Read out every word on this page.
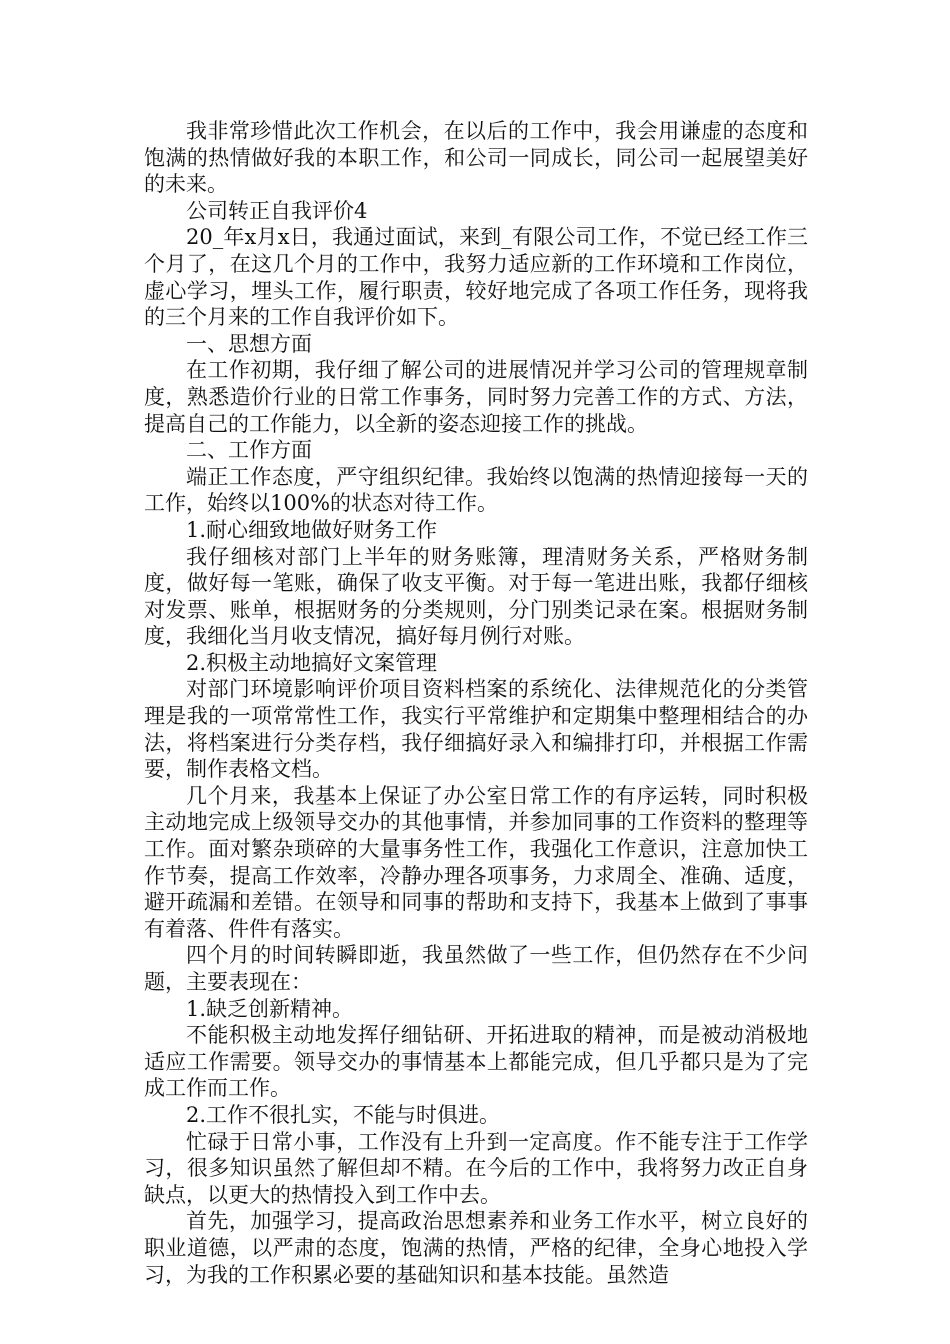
我非常珍惜此次工作机会，在以后的工作中，我会用谦虚的态度和饱满的热情做好我的本职工作，和公司一同成长，同公司一起展望美好的未来。

公司转正自我评价4

20_年x月x日，我通过面试，来到_有限公司工作，不觉已经工作三个月了，在这几个月的工作中，我努力适应新的工作环境和工作岗位，虚心学习，埋头工作，履行职责，较好地完成了各项工作任务，现将我的三个月来的工作自我评价如下。

一、思想方面

在工作初期，我仔细了解公司的进展情况并学习公司的管理规章制度，熟悉造价行业的日常工作事务，同时努力完善工作的方式、方法，提高自己的工作能力，以全新的姿态迎接工作的挑战。

二、工作方面

端正工作态度，严守组织纪律。我始终以饱满的热情迎接每一天的工作，始终以100%的状态对待工作。

1.耐心细致地做好财务工作

我仔细核对部门上半年的财务账簿，理清财务关系，严格财务制度，做好每一笔账，确保了收支平衡。对于每一笔进出账，我都仔细核对发票、账单，根据财务的分类规则，分门别类记录在案。根据财务制度，我细化当月收支情况，搞好每月例行对账。

2.积极主动地搞好文案管理

对部门环境影响评价项目资料档案的系统化、法律规范化的分类管理是我的一项常常性工作，我实行平常维护和定期集中整理相结合的办法，将档案进行分类存档，我仔细搞好录入和编排打印，并根据工作需要，制作表格文档。

几个月来，我基本上保证了办公室日常工作的有序运转，同时积极主动地完成上级领导交办的其他事情，并参加同事的工作资料的整理等工作。面对繁杂琐碎的大量事务性工作，我强化工作意识，注意加快工作节奏，提高工作效率，冷静办理各项事务，力求周全、准确、适度，避开疏漏和差错。在领导和同事的帮助和支持下，我基本上做到了事事有着落、件件有落实。

四个月的时间转瞬即逝，我虽然做了一些工作，但仍然存在不少问题，主要表现在：

1.缺乏创新精神。

不能积极主动地发挥仔细钻研、开拓进取的精神，而是被动消极地适应工作需要。领导交办的事情基本上都能完成，但几乎都只是为了完成工作而工作。

2.工作不很扎实，不能与时俱进。

忙碌于日常小事，工作没有上升到一定高度。作不能专注于工作学习，很多知识虽然了解但却不精。在今后的工作中，我将努力改正自身缺点，以更大的热情投入到工作中去。

首先，加强学习，提高政治思想素养和业务工作水平，树立良好的职业道德，以严肃的态度，饱满的热情，严格的纪律，全身心地投入学习，为我的工作积累必要的基础知识和基本技能。虽然造
